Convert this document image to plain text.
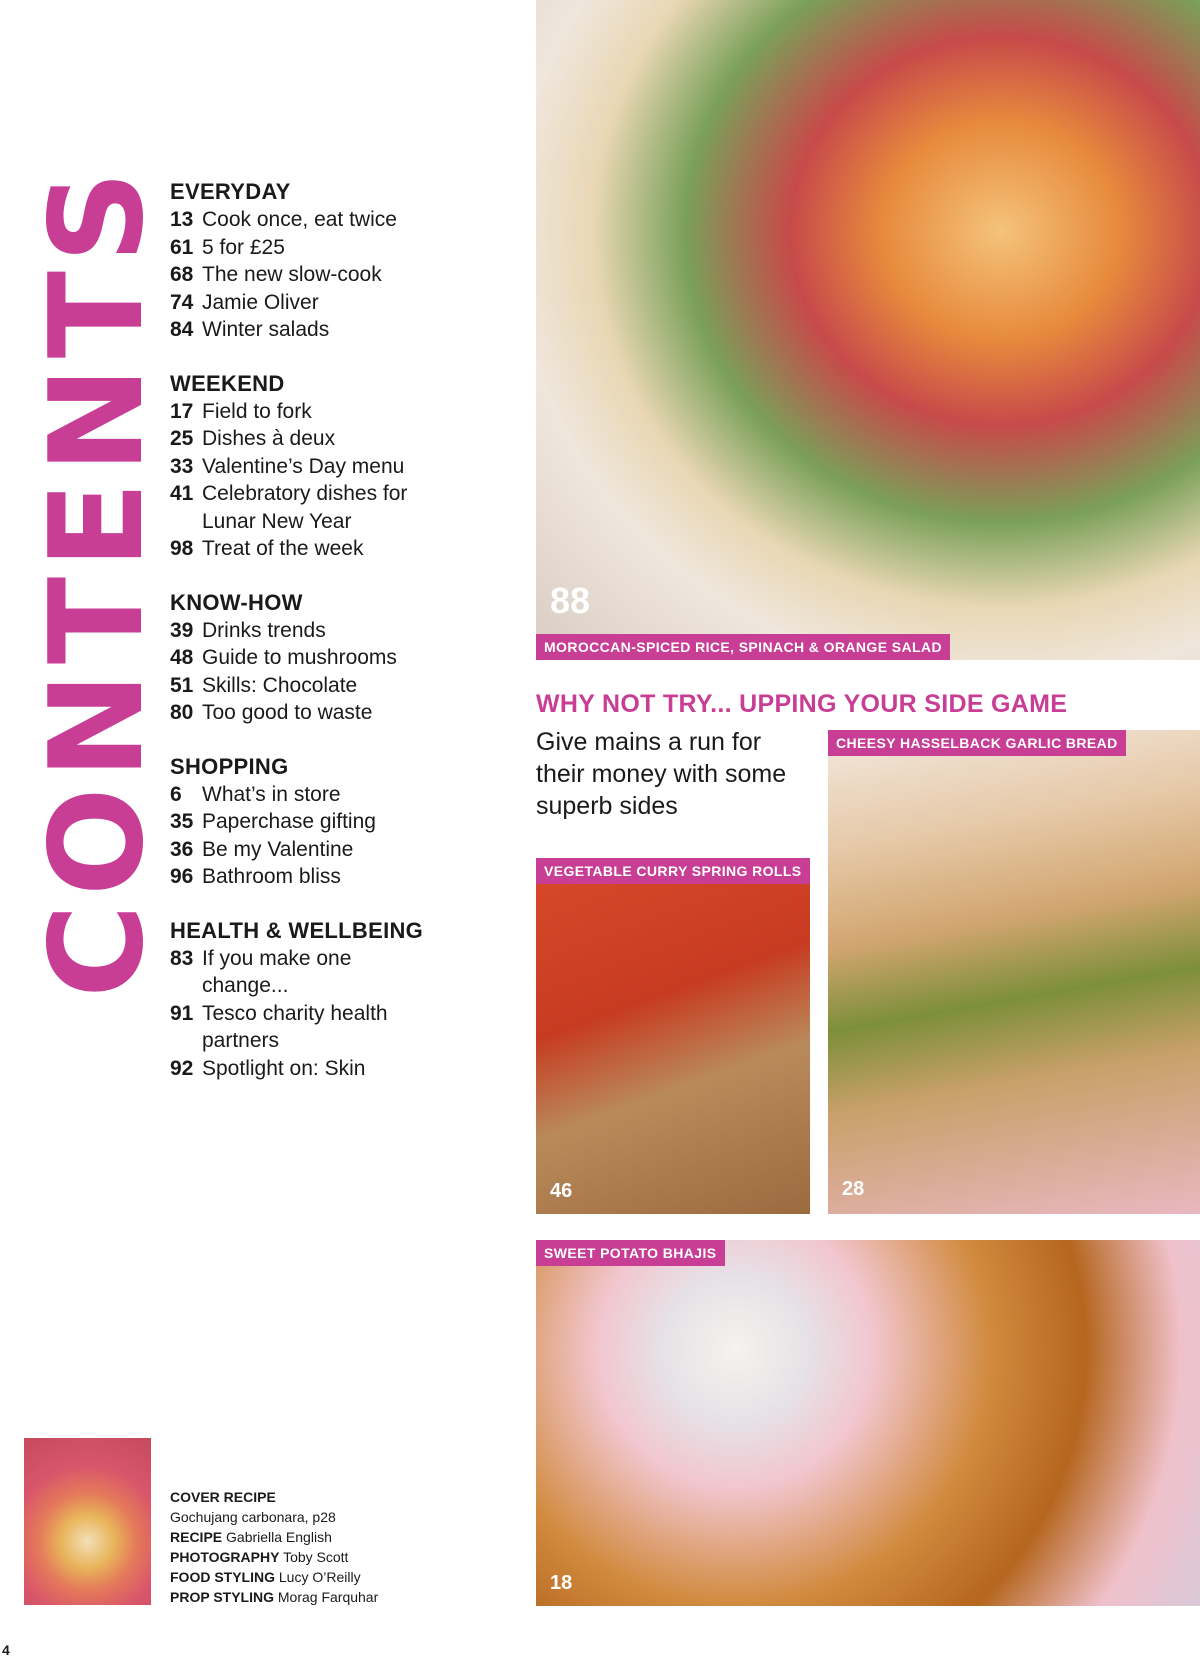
CONTENTS
EVERYDAY
13 Cook once, eat twice
61 5 for £25
68 The new slow-cook
74 Jamie Oliver
84 Winter salads
WEEKEND
17 Field to fork
25 Dishes à deux
33 Valentine’s Day menu
41 Celebratory dishes for
Lunar New Year
98 Treat of the week
KNOW-HOW
39 Drinks trends
48 Guide to mushrooms
51 Skills: Chocolate
80 Too good to waste
SHOPPING
6 What’s in store
35 Paperchase gifting
36 Be my Valentine
96 Bathroom bliss
HEALTH & WELLBEING
83 If you make one
change...
91 Tesco charity health
partners
92 Spotlight on: Skin
88
MOROCCAN-SPICED RICE, SPINACH & ORANGE SALAD
WHY NOT TRY... UPPING YOUR SIDE GAME
Give mains a run for their money with some superb sides
CHEESY HASSELBACK GARLIC BREAD
28
VEGETABLE CURRY SPRING ROLLS
46
SWEET POTATO BHAJIS
18
COVER RECIPE
Gochujang carbonara, p28
RECIPE Gabriella English
PHOTOGRAPHY Toby Scott
FOOD STYLING Lucy O’Reilly
PROP STYLING Morag Farquhar
4
